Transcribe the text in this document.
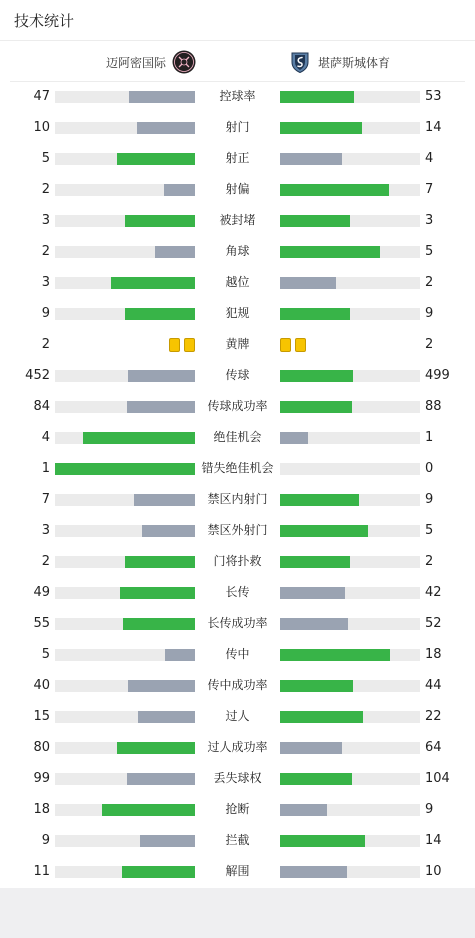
技术统计
迈阿密国际	堪萨斯城体育
47	控球率	53
10	射门	14
5	射正	4
2	射偏	7
3	被封堵	3
2	角球	5
3	越位	2
9	犯规	9
2	黄牌	2
452	传球	499
84	传球成功率	88
4	绝佳机会	1
1	错失绝佳机会	0
7	禁区内射门	9
3	禁区外射门	5
2	门将扑救	2
49	长传	42
55	长传成功率	52
5	传中	18
40	传中成功率	44
15	过人	22
80	过人成功率	64
99	丢失球权	104
18	抢断	9
9	拦截	14
11	解围	10
